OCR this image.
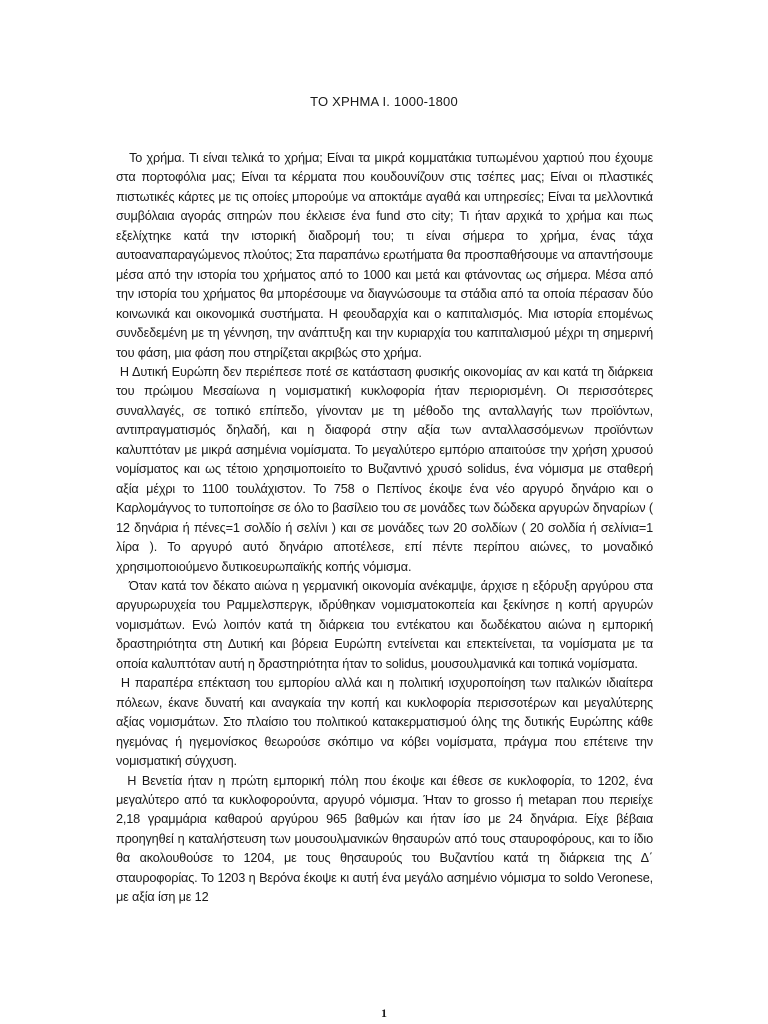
ΤΟ ΧΡΗΜΑ Ι. 1000-1800

To χρήμα. Τι είναι τελικά το χρήμα; Είναι τα μικρά κομματάκια τυπωμένου χαρτιού που έχουμε στα πορτοφόλια μας; Είναι τα κέρματα που κουδουνίζουν στις τσέπες μας; Είναι οι πλαστικές πιστωτικές κάρτες με τις οποίες μπορούμε να αποκτάμε αγαθά και υπηρεσίες; Είναι τα μελλοντικά συμβόλαια αγοράς σιτηρών που έκλεισε ένα fund στο city; Τι ήταν αρχικά το χρήμα και πως εξελίχτηκε κατά την ιστορική διαδρομή του; τι είναι σήμερα το χρήμα, ένας τάχα αυτοαναπαραγώμενος πλούτος; Στα παραπάνω ερωτήματα θα προσπαθήσουμε να απαντήσουμε μέσα από την ιστορία του χρήματος από το 1000 και μετά και φτάνοντας ως σήμερα. Μέσα από την ιστορία του χρήματος θα μπορέσουμε να διαγνώσουμε τα στάδια από τα οποία πέρασαν δύο κοινωνικά και οικονομικά συστήματα. Η φεουδαρχία και ο καπιταλισμός. Μια ιστορία επομένως συνδεδεμένη με τη γέννηση, την ανάπτυξη και την κυριαρχία του καπιταλισμού μέχρι τη σημερινή του φάση, μια φάση που στηρίζεται ακριβώς στο χρήμα.

Η Δυτική Ευρώπη δεν περιέπεσε ποτέ σε κατάσταση φυσικής οικονομίας αν και κατά τη διάρκεια του πρώιμου Μεσαίωνα η νομισματική κυκλοφορία ήταν περιορισμένη. Οι περισσότερες συναλλαγές, σε τοπικό επίπεδο, γίνονταν με τη μέθοδο της ανταλλαγής των προϊόντων, αντιπραγματισμός δηλαδή, και η διαφορά στην αξία των ανταλλασσόμενων προϊόντων καλυπτόταν με μικρά ασημένια νομίσματα. Το μεγαλύτερο εμπόριο απαιτούσε την χρήση χρυσού νομίσματος και ως τέτοιο χρησιμοποιείτο το Βυζαντινό χρυσό solidus, ένα νόμισμα με σταθερή αξία μέχρι το 1100 τουλάχιστον. Το 758 ο Πεπίνος έκοψε ένα νέο αργυρό δηνάριο και ο Καρλομάγνος το τυποποίησε σε όλο το βασίλειο του σε μονάδες των δώδεκα αργυρών δηναρίων ( 12 δηνάρια ή πένες=1 σολδίο ή σελίνι ) και σε μονάδες των 20 σολδίων ( 20 σολδία ή σελίνια=1 λίρα ). Το αργυρό αυτό δηνάριο αποτέλεσε, επί πέντε περίπου αιώνες, το μοναδικό χρησιμοποιούμενο δυτικοευρωπαϊκής κοπής νόμισμα.

Όταν κατά τον δέκατο αιώνα η γερμανική οικονομία ανέκαμψε, άρχισε η εξόρυξη αργύρου στα αργυρωρυχεία του Ραμμελσπεργκ, ιδρύθηκαν νομισματοκοπεία και ξεκίνησε η κοπή αργυρών νομισμάτων. Ενώ λοιπόν κατά τη διάρκεια του εντέκατου και δωδέκατου αιώνα η εμπορική δραστηριότητα στη Δυτική και βόρεια Ευρώπη εντείνεται και επεκτείνεται, τα νομίσματα με τα οποία καλυπτόταν αυτή η δραστηριότητα ήταν το solidus, μουσουλμανικά και τοπικά νομίσματα.

Η παραπέρα επέκταση του εμπορίου αλλά και η πολιτική ισχυροποίηση των ιταλικών ιδιαίτερα πόλεων, έκανε δυνατή και αναγκαία την κοπή και κυκλοφορία περισσοτέρων και μεγαλύτερης αξίας νομισμάτων. Στο πλαίσιο του πολιτικού κατακερματισμού όλης της δυτικής Ευρώπης κάθε ηγεμόνας ή ηγεμονίσκος θεωρούσε σκόπιμο να κόβει νομίσματα, πράγμα που επέτεινε την νομισματική σύγχυση.

Η Βενετία ήταν η πρώτη εμπορική πόλη που έκοψε και έθεσε σε κυκλοφορία, το 1202, ένα μεγαλύτερο από τα κυκλοφορούντα, αργυρό νόμισμα. Ήταν το grosso ή metapan που περιείχε 2,18 γραμμάρια καθαρού αργύρου 965 βαθμών και ήταν ίσο με 24 δηνάρια. Είχε βέβαια προηγηθεί η καταλήστευση των μουσουλμανικών θησαυρών από τους σταυροφόρους, και το ίδιο θα ακολουθούσε το 1204, με τους θησαυρούς του Βυζαντίου κατά τη διάρκεια της Δ΄ σταυροφορίας. Το 1203 η Βερόνα έκοψε κι αυτή ένα μεγάλο ασημένιο νόμισμα το soldo Veronese, με αξία ίση με 12

1
